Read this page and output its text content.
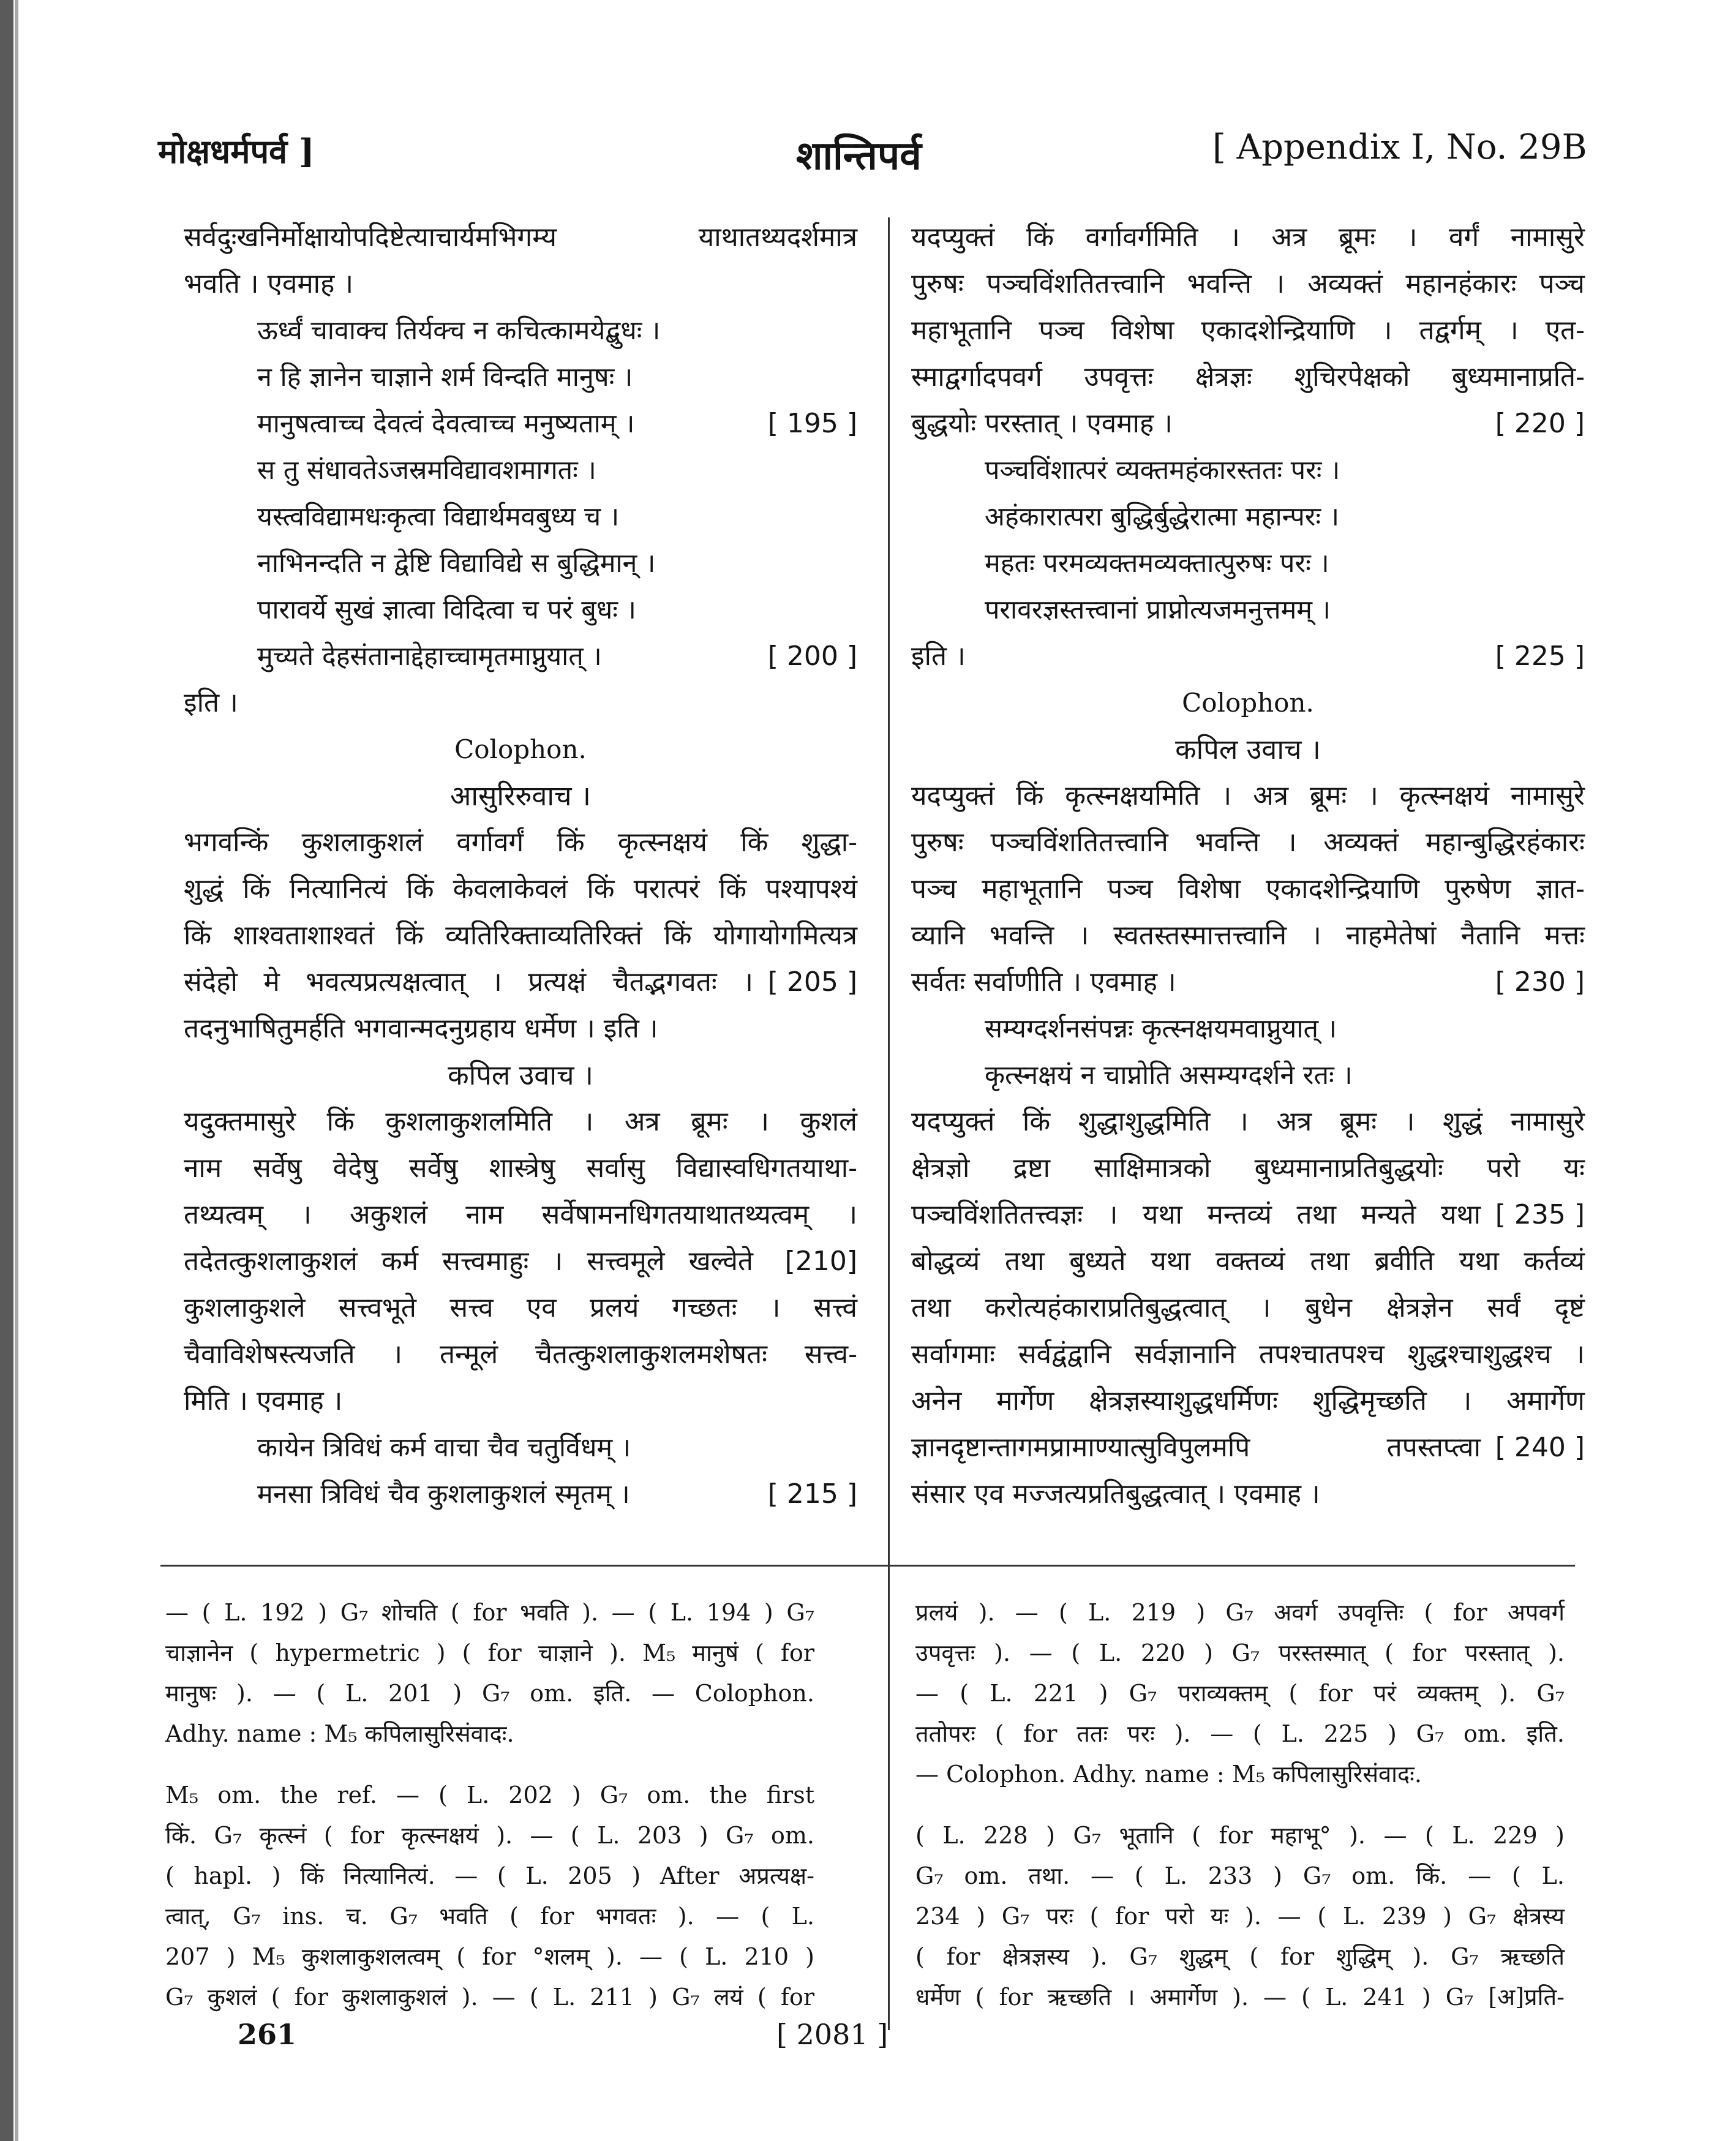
मोक्षधर्मपर्व ]	शान्तिपर्व	[ Appendix I, No. 29B
सर्वदुःखनिर्मोक्षायोपदिष्टेत्याचार्यमभिगम्य याथातथ्यदर्शमात्र
भवति । एवमाह ।
ऊर्ध्वं चावाक्च तिर्यक्च न कचित्कामयेद्बुधः ।
न हि ज्ञानेन चाज्ञाने शर्म विन्दति मानुषः ।
मानुषत्वाच्च देवत्वं देवत्वाच्च मनुष्यताम् ।	[ 195 ]
स तु संधावतेऽजस्रमविद्यावशमागतः ।
यस्त्वविद्यामधःकृत्वा विद्यार्थमवबुध्य च ।
नाभिनन्दति न द्वेष्टि विद्याविद्ये स बुद्धिमान् ।
पारावर्ये सुखं ज्ञात्वा विदित्वा च परं बुधः ।
मुच्यते देहसंतानाद्देहाच्चामृतमाप्नुयात् ।	[ 200 ]
इति ।
Colophon.
आसुरिरुवाच ।
भगवन्किं कुशलाकुशलं वर्गावर्गं किं कृत्स्नक्षयं किं शुद्धा-
शुद्धं किं नित्यानित्यं किं केवलाकेवलं किं परात्परं किं पश्यापश्यं
किं शाश्वताशाश्वतं किं व्यतिरिक्ताव्यतिरिक्तं किं योगायोगमित्यत्र
संदेहो मे भवत्यप्रत्यक्षत्वात् । प्रत्यक्षं चैतद्भगवतः । [ 205 ]
तदनुभाषितुमर्हति भगवान्मदनुग्रहाय धर्मेण । इति ।
कपिल उवाच ।
यदुक्तमासुरे किं कुशलाकुशलमिति । अत्र ब्रूमः । कुशलं
नाम सर्वेषु वेदेषु सर्वेषु शास्त्रेषु सर्वासु विद्यास्वधिगतयाथा-
तथ्यत्वम् । अकुशलं नाम सर्वेषामनधिगतयाथातथ्यत्वम् ।
तदेतत्कुशलाकुशलं कर्म सत्त्वमाहुः । सत्त्वमूले खल्वेते [210]
कुशलाकुशले सत्त्वभूते सत्त्व एव प्रलयं गच्छतः । सत्त्वं
चैवाविशेषस्त्यजति । तन्मूलं चैतत्कुशलाकुशलमशेषतः सत्त्व-
मिति । एवमाह ।
कायेन त्रिविधं कर्म वाचा चैव चतुर्विधम् ।
मनसा त्रिविधं चैव कुशलाकुशलं स्मृतम् ।	[ 215 ]
यदप्युक्तं किं वर्गावर्गमिति । अत्र ब्रूमः । वर्गं नामासुरे
पुरुषः पञ्चविंशतितत्त्वानि भवन्ति । अव्यक्तं महानहंकारः पञ्च
महाभूतानि पञ्च विशेषा एकादशेन्द्रियाणि । तद्वर्गम् । एत-
स्माद्वर्गादपवर्ग उपवृत्तः क्षेत्रज्ञः शुचिरपेक्षको बुध्यमानाप्रति-
बुद्धयोः परस्तात् । एवमाह ।	[ 220 ]
पञ्चविंशात्परं व्यक्तमहंकारस्ततः परः ।
अहंकारात्परा बुद्धिर्बुद्धेरात्मा महान्परः ।
महतः परमव्यक्तमव्यक्तात्पुरुषः परः ।
परावरज्ञस्तत्त्वानां प्राप्नोत्यजमनुत्तमम् ।
इति ।	[ 225 ]
Colophon.
कपिल उवाच ।
यदप्युक्तं किं कृत्स्नक्षयमिति । अत्र ब्रूमः । कृत्स्नक्षयं नामासुरे
पुरुषः पञ्चविंशतितत्त्वानि भवन्ति । अव्यक्तं महान्बुद्धिरहंकारः
पञ्च महाभूतानि पञ्च विशेषा एकादशेन्द्रियाणि पुरुषेण ज्ञात-
व्यानि भवन्ति । स्वतस्तस्मात्तत्त्वानि । नाहमेतेषां नैतानि मत्तः
सर्वतः सर्वाणीति । एवमाह ।	[ 230 ]
सम्यग्दर्शनसंपन्नः कृत्स्नक्षयमवाप्नुयात् ।
कृत्स्नक्षयं न चाप्नोति असम्यग्दर्शने रतः ।
यदप्युक्तं किं शुद्धाशुद्धमिति । अत्र ब्रूमः । शुद्धं नामासुरे
क्षेत्रज्ञो द्रष्टा साक्षिमात्रको बुध्यमानाप्रतिबुद्धयोः परो यः
पञ्चविंशतितत्त्वज्ञः । यथा मन्तव्यं तथा मन्यते यथा [ 235 ]
बोद्धव्यं तथा बुध्यते यथा वक्तव्यं तथा ब्रवीति यथा कर्तव्यं
तथा करोत्यहंकाराप्रतिबुद्धत्वात् । बुधेन क्षेत्रज्ञेन सर्वं दृष्टं
सर्वागमाः सर्वद्वंद्वानि सर्वज्ञानानि तपश्चातपश्च शुद्धश्चाशुद्धश्च ।
अनेन मार्गेण क्षेत्रज्ञस्याशुद्धधर्मिणः शुद्धिमृच्छति । अमार्गेण
ज्ञानदृष्टान्तागमप्रामाण्यात्सुविपुलमपि तपस्तप्त्वा [ 240 ]
संसार एव मज्जत्यप्रतिबुद्धत्वात् । एवमाह ।
— ( L. 192 ) G₇ शोचति ( for भवति ). — ( L. 194 ) G₇
चाज्ञानेन ( hypermetric ) ( for चाज्ञाने ). M₅ मानुषं ( for
मानुषः ). — ( L. 201 ) G₇ om. इति. — Colophon.
Adhy. name : M₅ कपिलासुरिसंवादः.
M₅ om. the ref. — ( L. 202 ) G₇ om. the first
किं. G₇ कृत्स्नं ( for कृत्स्नक्षयं ). — ( L. 203 ) G₇ om.
( hapl. ) किं नित्यानित्यं. — ( L. 205 ) After अप्रत्यक्ष-
त्वात्, G₇ ins. च. G₇ भवति ( for भगवतः ). — ( L.
207 ) M₅ कुशलाकुशलत्वम् ( for °शलम् ). — ( L. 210 )
G₇ कुशलं ( for कुशलाकुशलं ). — ( L. 211 ) G₇ लयं ( for
प्रलयं ). — ( L. 219 ) G₇ अवर्ग उपवृत्तिः ( for अपवर्ग
उपवृत्तः ). — ( L. 220 ) G₇ परस्तस्मात् ( for परस्तात् ).
— ( L. 221 ) G₇ पराव्यक्तम् ( for परं व्यक्तम् ). G₇
ततोपरः ( for ततः परः ). — ( L. 225 ) G₇ om. इति.
— Colophon. Adhy. name : M₅ कपिलासुरिसंवादः.
( L. 228 ) G₇ भूतानि ( for महाभू° ). — ( L. 229 )
G₇ om. तथा. — ( L. 233 ) G₇ om. किं. — ( L.
234 ) G₇ परः ( for परो यः ). — ( L. 239 ) G₇ क्षेत्रस्य
( for क्षेत्रज्ञस्य ). G₇ शुद्धम् ( for शुद्धिम् ). G₇ ऋच्छति
धर्मेण ( for ऋच्छति । अमार्गेण ). — ( L. 241 ) G₇ [अ]प्रति-
261	[ 2081 ]
